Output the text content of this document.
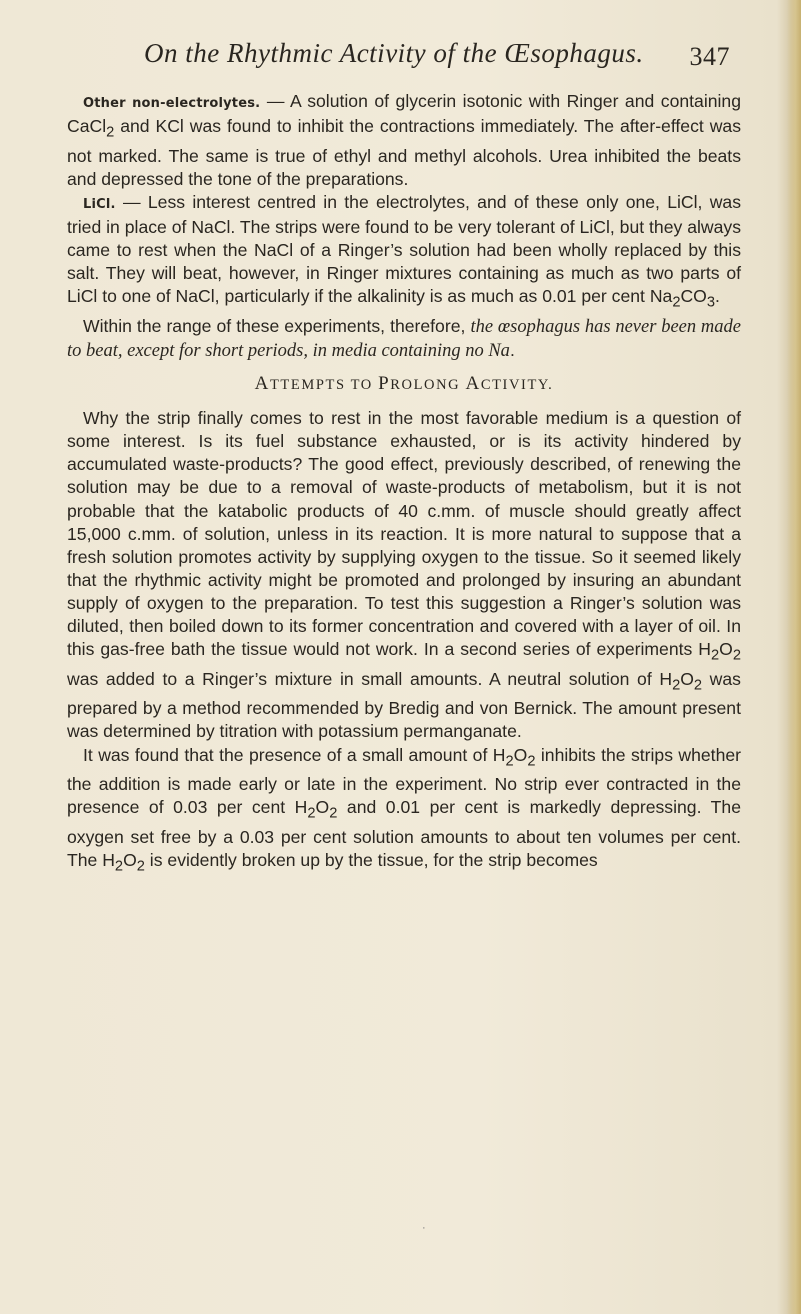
On the Rhythmic Activity of the Œsophagus. 347

Other non-electrolytes. — A solution of glycerin isotonic with Ringer and containing CaCl$_2$ and KCl was found to inhibit the contractions immediately. The after-effect was not marked. The same is true of ethyl and methyl alcohols. Urea inhibited the beats and depressed the tone of the preparations.

LiCl. — Less interest centred in the electrolytes, and of these only one, LiCl, was tried in place of NaCl. The strips were found to be very tolerant of LiCl, but they always came to rest when the NaCl of a Ringer’s solution had been wholly replaced by this salt. They will beat, however, in Ringer mixtures containing as much as two parts of LiCl to one of NaCl, particularly if the alkalinity is as much as 0.01 per cent $Na_2CO_3$.

Within the range of these experiments, therefore, the œsophagus has never been made to beat, except for short periods, in media containing no Na.

ATTEMPTS TO PROLONG ACTIVITY.

Why the strip finally comes to rest in the most favorable medium is a question of some interest. Is its fuel substance exhausted, or is its activity hindered by accumulated waste-products? The good effect, previously described, of renewing the solution may be due to a removal of waste-products of metabolism, but it is not probable that the katabolic products of 40 c.mm. of muscle should greatly affect 15,000 c.mm. of solution, unless in its reaction. It is more natural to suppose that a fresh solution promotes activity by supplying oxygen to the tissue. So it seemed likely that the rhythmic activity might be promoted and prolonged by insuring an abundant supply of oxygen to the preparation. To test this suggestion a Ringer’s solution was diluted, then boiled down to its former concentration and covered with a layer of oil. In this gas-free bath the tissue would not work. In a second series of experiments $H_2O_2$ was added to a Ringer’s mixture in small amounts. A neutral solution of $H_2O_2$ was prepared by a method recommended by Bredig and von Bernick. The amount present was determined by titration with potassium permanganate.

It was found that the presence of a small amount of $H_2O_2$ inhibits the strips whether the addition is made early or late in the experiment. No strip ever contracted in the presence of 0.03 per cent $H_2O_2$ and 0.01 per cent is markedly depressing. The oxygen set free by a 0.03 per cent solution amounts to about ten volumes per cent. The $H_2O_2$ is evidently broken up by the tissue, for the strip becomes

·
